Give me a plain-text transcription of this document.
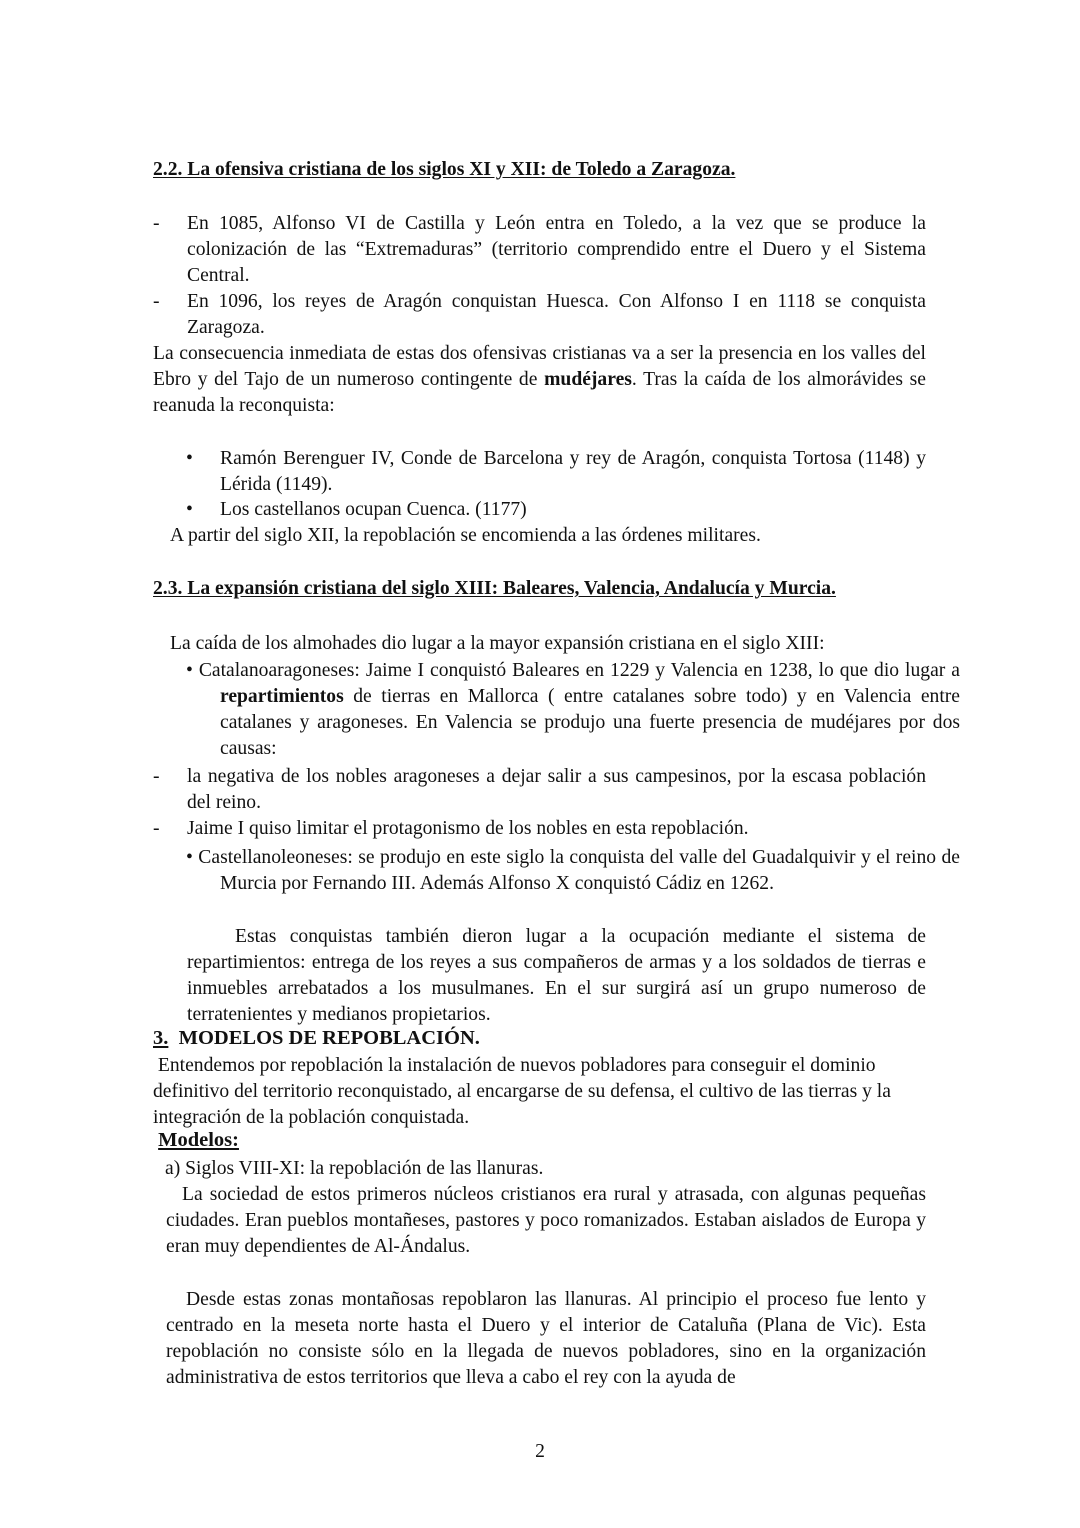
2.2. La ofensiva cristiana de los siglos XI y XII: de Toledo a Zaragoza.
- En 1085, Alfonso VI de Castilla y León entra en Toledo, a la vez que se produce la colonización de las “Extremaduras” (territorio comprendido entre el Duero y el Sistema Central.

- En 1096, los reyes de Aragón conquistan Huesca. Con Alfonso I en 1118 se conquista Zaragoza.

La consecuencia inmediata de estas dos ofensivas cristianas va a ser la presencia en los valles del Ebro y del Tajo de un numeroso contingente de mudéjares. Tras la caída de los almorávides se reanuda la reconquista:

• Ramón Berenguer IV, Conde de Barcelona y rey de Aragón, conquista Tortosa (1148) y Lérida (1149).

• Los castellanos ocupan Cuenca. (1177)

A partir del siglo XII, la repoblación se encomienda a las órdenes militares.

2.3. La expansión cristiana del siglo XIII: Baleares, Valencia, Andalucía y Murcia.

La caída de los almohades dio lugar a la mayor expansión cristiana en el siglo XIII:

• Catalanoaragoneses: Jaime I conquistó Baleares en 1229 y Valencia en 1238, lo que dio lugar a repartimientos de tierras en Mallorca ( entre catalanes sobre todo) y en Valencia entre catalanes y aragoneses. En Valencia se produjo una fuerte presencia de mudéjares por dos causas:

- la negativa de los nobles aragoneses a dejar salir a sus campesinos, por la escasa población del reino.

- Jaime I quiso limitar el protagonismo de los nobles en esta repoblación.

• Castellanoleoneses: se produjo en este siglo la conquista del valle del Guadalquivir y el reino de Murcia por Fernando III. Además Alfonso X conquistó Cádiz en 1262.

Estas conquistas también dieron lugar a la ocupación mediante el sistema de repartimientos: entrega de los reyes a sus compañeros de armas y a los soldados de tierras e inmuebles arrebatados a los musulmanes. En el sur surgirá así un grupo numeroso de terratenientes y medianos propietarios.

3. MODELOS DE REPOBLACIÓN.

Entendemos por repoblación la instalación de nuevos pobladores para conseguir el dominio definitivo del territorio reconquistado, al encargarse de su defensa, el cultivo de las tierras y la integración de la población conquistada.

Modelos:

a) Siglos VIII-XI: la repoblación de las llanuras.

La sociedad de estos primeros núcleos cristianos era rural y atrasada, con algunas pequeñas ciudades. Eran pueblos montañeses, pastores y poco romanizados. Estaban aislados de Europa y eran muy dependientes de Al-Ándalus.

Desde estas zonas montañosas repoblaron las llanuras. Al principio el proceso fue lento y centrado en la meseta norte hasta el Duero y el interior de Cataluña (Plana de Vic). Esta repoblación no consiste sólo en la llegada de nuevos pobladores, sino en la organización administrativa de estos territorios que lleva a cabo el rey con la ayuda de

2
